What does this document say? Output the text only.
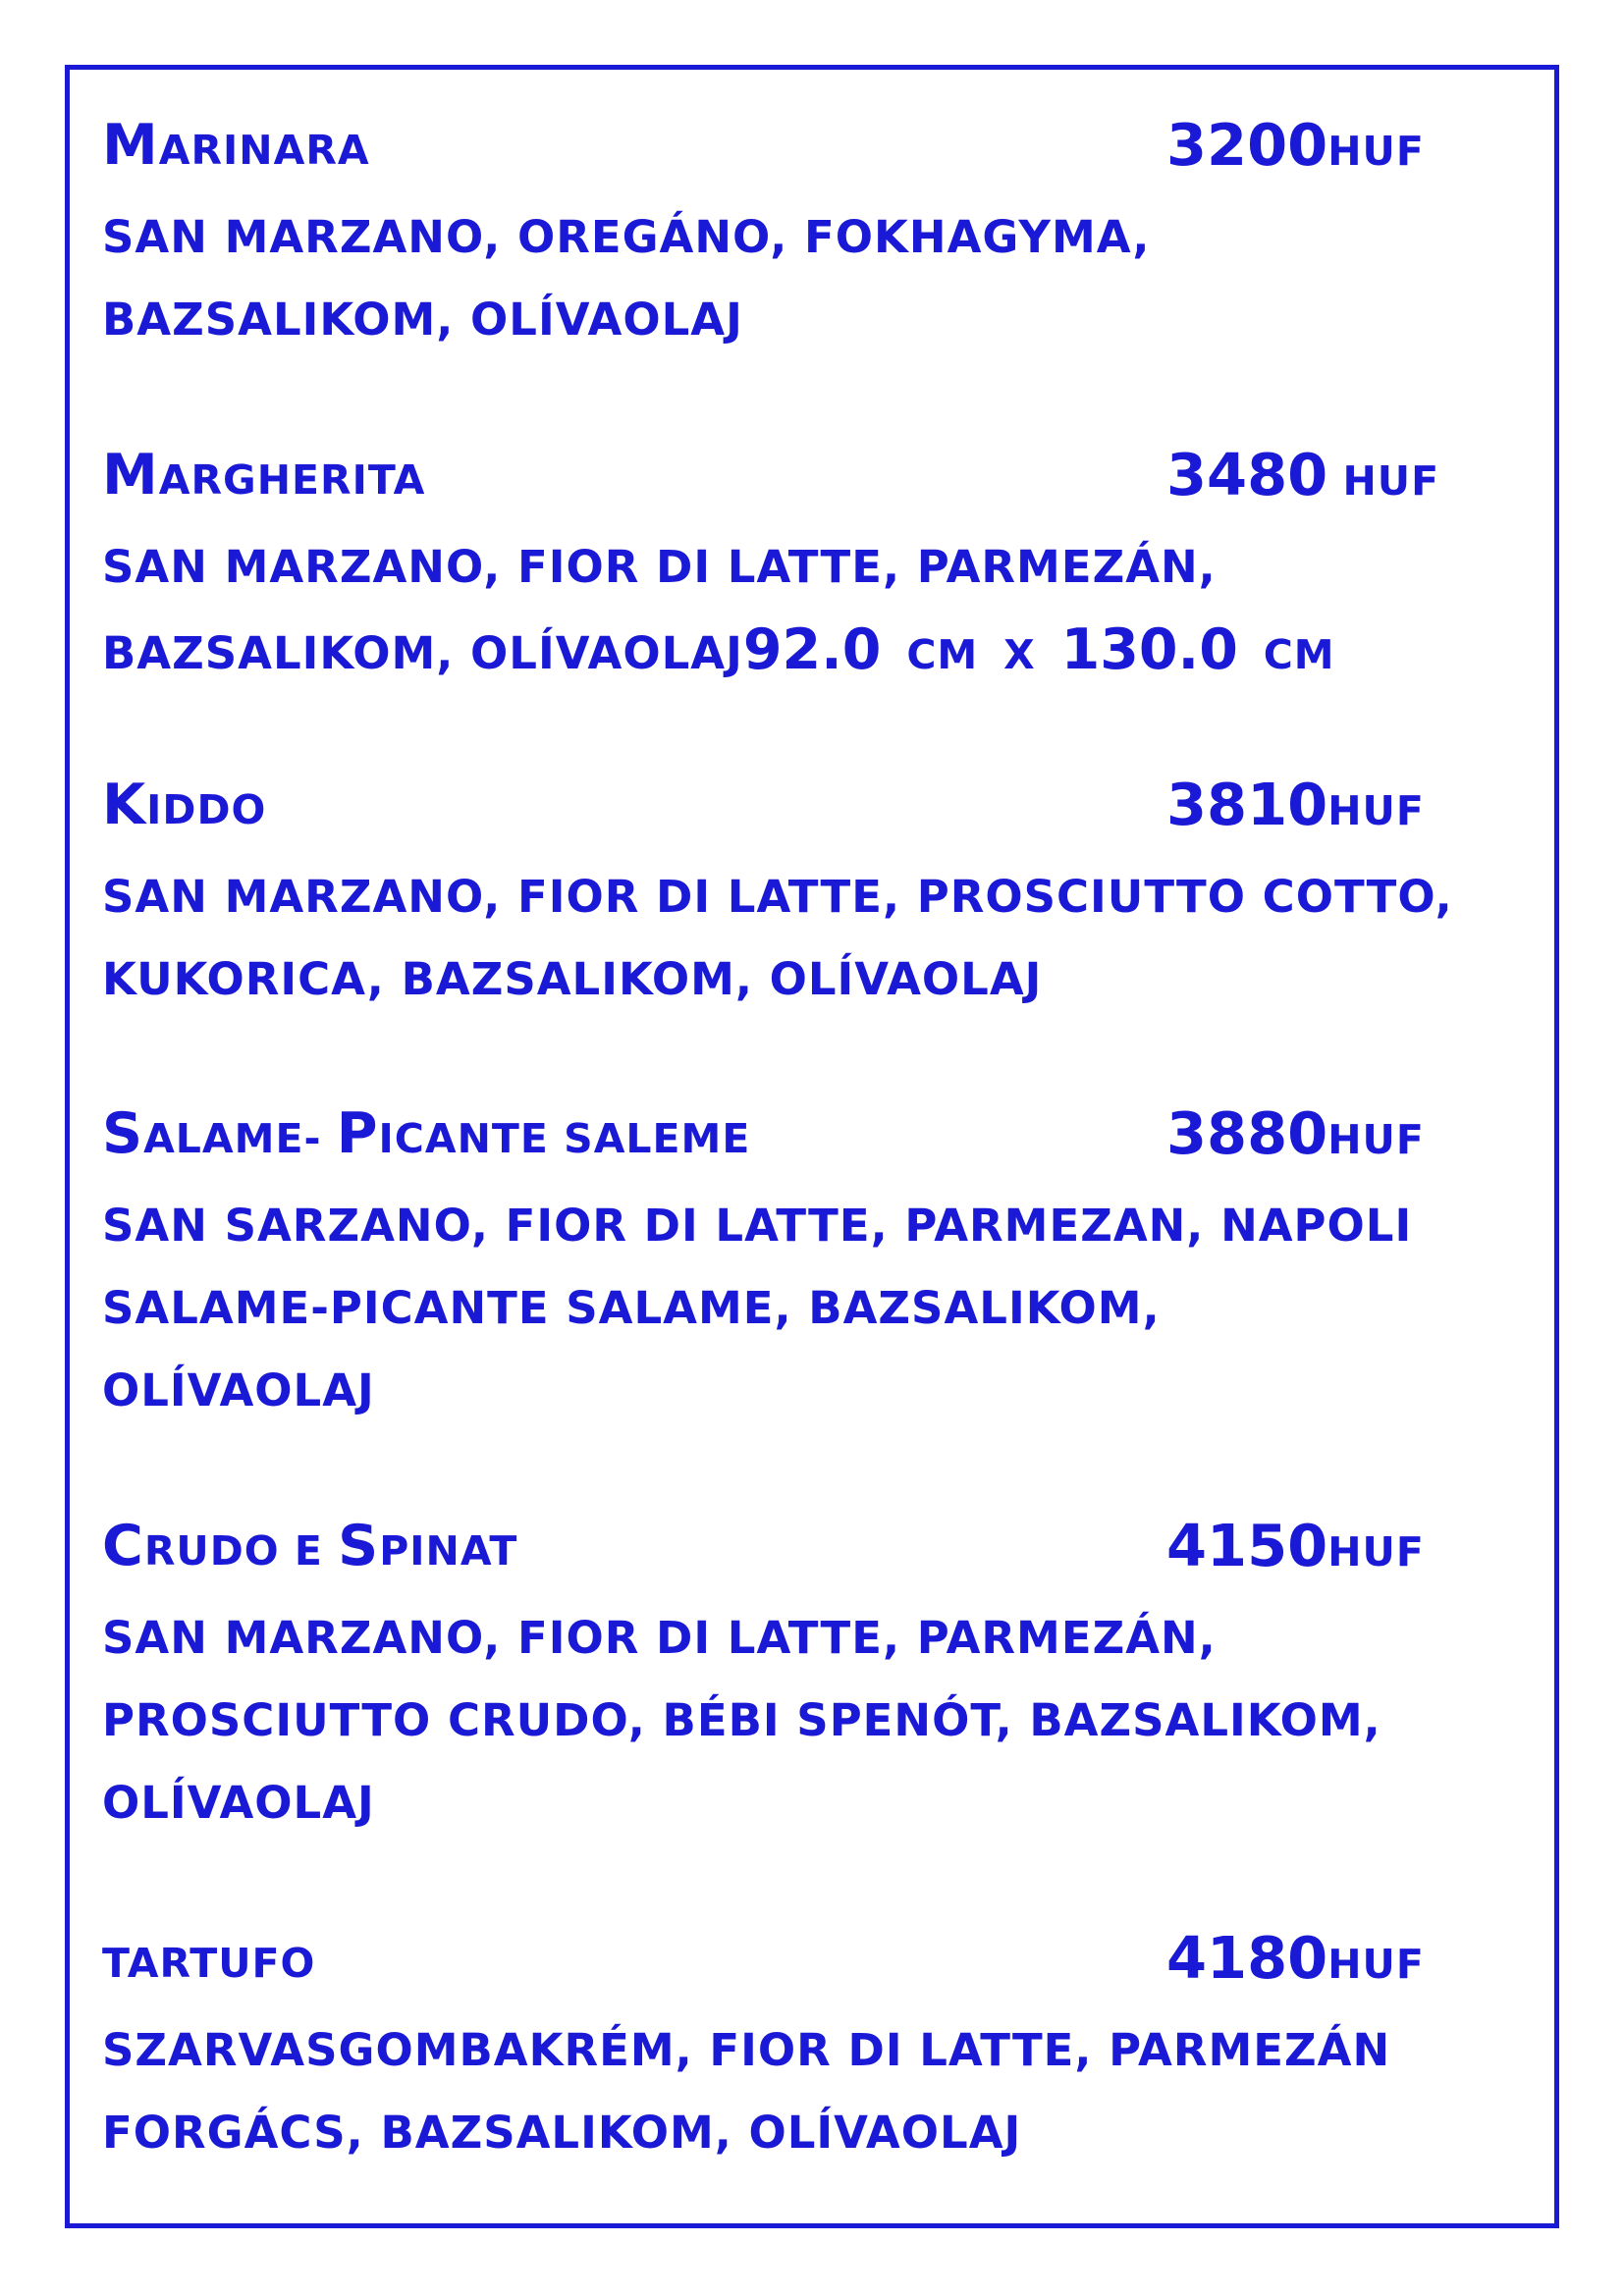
MARINARA	3200HUF
SAN MARZANO, OREGÁNO, FOKHAGYMA,
BAZSALIKOM, OLÍVAOLAJ
MARGHERITA	3480 HUF
SAN MARZANO, FIOR DI LATTE, PARMEZÁN,
BAZSALIKOM, OLÍVAOLAJ92.0 CM X 130.0 CM
KIDDO	3810HUF
SAN MARZANO, FIOR DI LATTE, PROSCIUTTO COTTO,
KUKORICA, BAZSALIKOM, OLÍVAOLAJ
SALAME- PICANTE SALEME	3880HUF
SAN SARZANO, FIOR DI LATTE, PARMEZAN, NAPOLI
SALAME-PICANTE SALAME, BAZSALIKOM,
OLÍVAOLAJ
CRUDO E SPINAT	4150HUF
SAN MARZANO, FIOR DI LATTE, PARMEZÁN,
PROSCIUTTO CRUDO, BÉBI SPENÓT, BAZSALIKOM,
OLÍVAOLAJ
TARTUFO	4180HUF
SZARVASGOMBAKRÉM, FIOR DI LATTE, PARMEZÁN
FORGÁCS, BAZSALIKOM, OLÍVAOLAJ
